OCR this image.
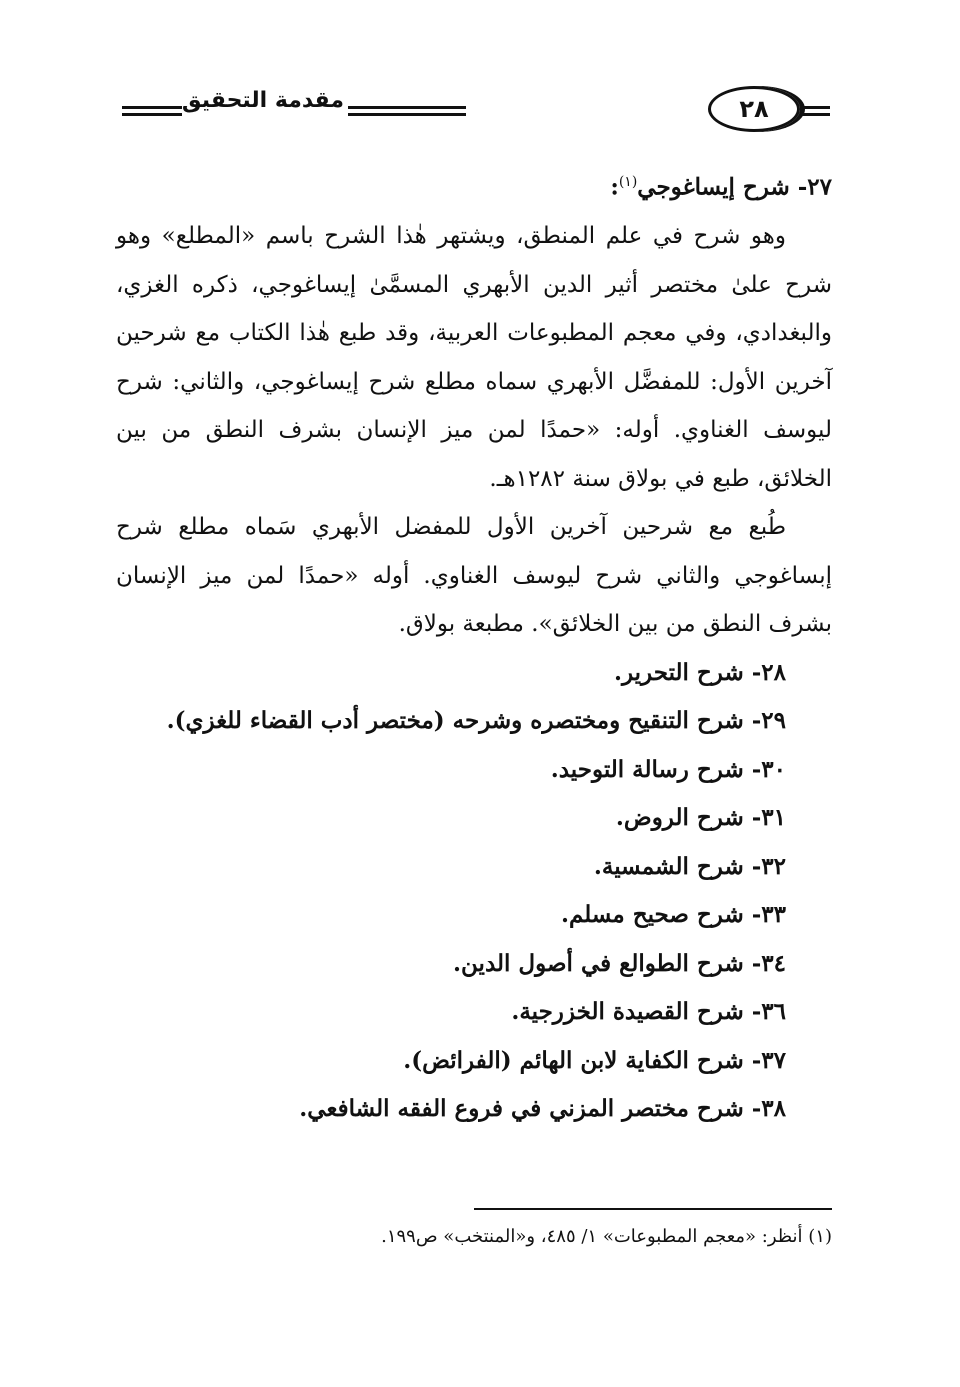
مقدمة التحقيق	٢٨

٢٧- شرح إيساغوجي$^{(١)}$:

وهو شرح في علم المنطق، ويشتهر هٰذا الشرح باسم «المطلع» وهو شرح علىٰ مختصر أثير الدين الأبهري المسمَّىٰ إيساغوجي، ذكره الغزي، والبغدادي، وفي معجم المطبوعات العربية، وقد طبع هٰذا الكتاب مع شرحين آخرين الأول: للمفضَّل الأبهري سماه مطلع شرح إيساغوجي، والثاني: شرح ليوسف الغناوي. أوله: «حمدًا لمن ميز الإنسان بشرف النطق من بين الخلائق، طبع في بولاق سنة ١٢٨٢هـ.

طُبع مع شرحين آخرين الأول للمفضل الأبهري سَماه مطلع شرح إبساغوجي والثاني شرح ليوسف الغناوي. أوله «حمدًا لمن ميز الإنسان بشرف النطق من بين الخلائق». مطبعة بولاق.

٢٨- شرح التحرير.

٢٩- شرح التنقيح ومختصره وشرحه (مختصر أدب القضاء للغزي).

٣٠- شرح رسالة التوحيد.
٣١- شرح الروض.
٣٢- شرح الشمسية.
٣٣- شرح صحيح مسلم.
٣٤- شرح الطوالع في أصول الدين.
٣٦- شرح القصيدة الخزرجية.
٣٧- شرح الكفاية لابن الهائم (الفرائض).
٣٨- شرح مختصر المزني في فروع الفقه الشافعي.
(١) أنظر: «معجم المطبوعات» ١/ ٤٨٥، و«المنتخب» ص١٩٩.
